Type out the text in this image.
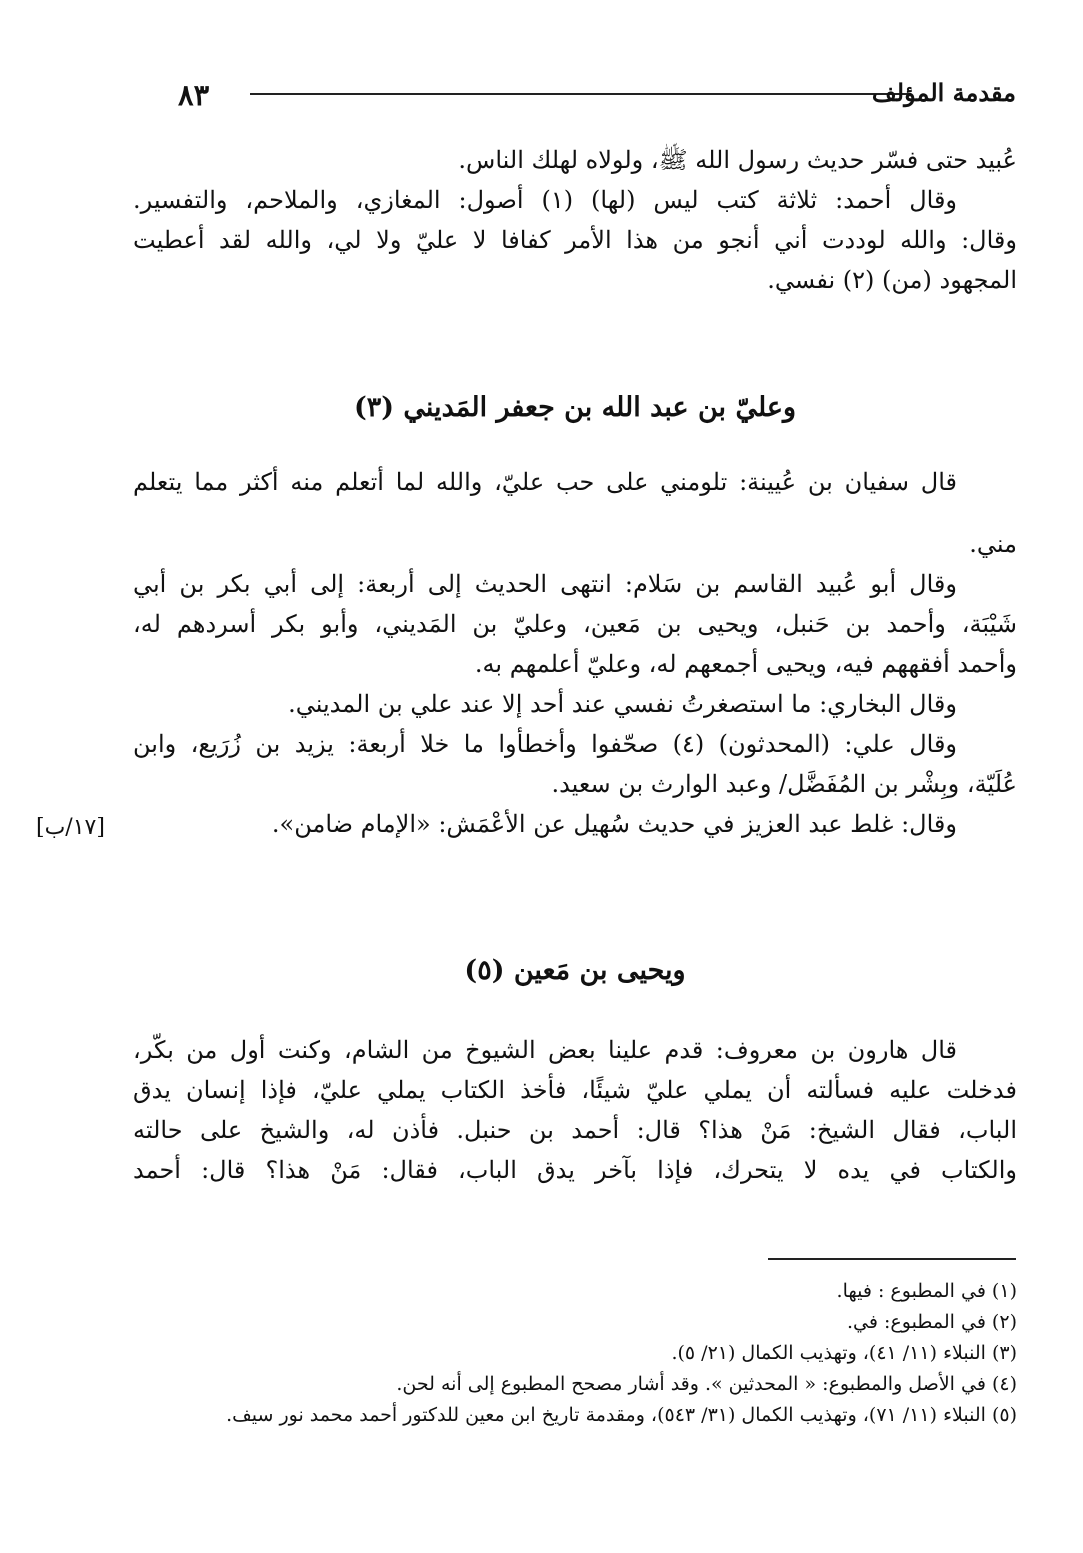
٨٣	مقدمة المؤلف
عُبيد حتى فسّر حديث رسول الله ﷺ، ولولاه لهلك الناس.
وقال أحمد: ثلاثة كتب ليس (لها) (١) أصول: المغازي، والملاحم، والتفسير.
وقال: والله لوددت أني أنجو من هذا الأمر كفافا لا عليّ ولا لي، والله لقد أعطيت
المجهود (من) (٢) نفسي.
وعليّ بن عبد الله بن جعفر المَديني (٣)
قال سفيان بن عُيينة: تلومني على حب عليّ، والله لما أتعلم منه أكثر مما يتعلم
مني.
وقال أبو عُبيد القاسم بن سَلام: انتهى الحديث إلى أربعة: إلى أبي بكر بن أبي
شَيْبَة، وأحمد بن حَنبل، ويحيى بن مَعين، وعليّ بن المَديني، وأبو بكر أسردهم له،
وأحمد أفقههم فيه، ويحيى أجمعهم له، وعليّ أعلمهم به.
وقال البخاري: ما استصغرتُ نفسي عند أحد إلا عند علي بن المديني.
وقال علي: (المحدثون) (٤) صحّفوا وأخطأوا ما خلا أربعة: يزيد بن زُرَيع، وابن
عُلَيّة، وبِشْر بن المُفَضَّل/ وعبد الوارث بن سعيد.
وقال: غلط عبد العزيز في حديث سُهيل عن الأعْمَش: «الإمام ضامن».
[١٧/ب]
ويحيى بن مَعين (٥)
قال هارون بن معروف: قدم علينا بعض الشيوخ من الشام، وكنت أول من بكّر،
فدخلت عليه فسألته أن يملي عليّ شيئًا، فأخذ الكتاب يملي عليّ، فإذا إنسان يدق
الباب، فقال الشيخ: مَنْ هذا؟ قال: أحمد بن حنبل. فأذن له، والشيخ على حالته
والكتاب في يده لا يتحرك، فإذا بآخر يدق الباب، فقال: مَنْ هذا؟ قال: أحمد
(١) في المطبوع : فيها.
(٢) في المطبوع: في.
(٣) النبلاء (١١/ ٤١)، وتهذيب الكمال (٢١/ ٥).
(٤) في الأصل والمطبوع: « المحدثين ». وقد أشار مصحح المطبوع إلى أنه لحن.
(٥) النبلاء (١١/ ٧١)، وتهذيب الكمال (٣١/ ٥٤٣)، ومقدمة تاريخ ابن معين للدكتور أحمد محمد نور سيف.
